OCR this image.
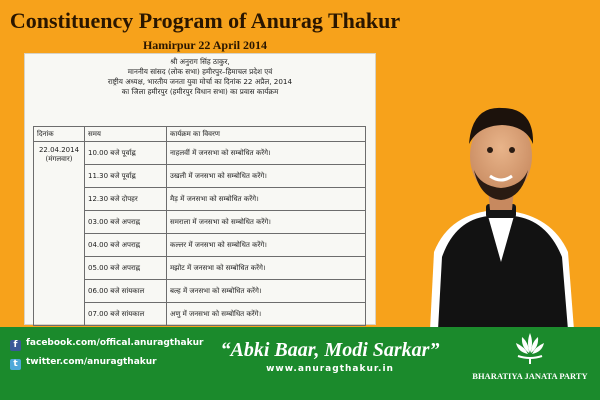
Constituency Program of Anurag Thakur
Hamirpur 22 April 2014
श्री अनुराग सिंह ठाकुर,
माननीय सांसद (लोक सभा) हमीरपुर–हिमाचल प्रदेश एवं
राष्ट्रीय अध्यक्ष, भारतीय जनता युवा मोर्चा का दिनांक 22 अप्रैल, 2014
का जिला हमीरपुर (हमीरपुर विधान सभा) का प्रवास कार्यक्रम
दिनांक	समय	कार्यक्रम का विवरण

22.04.2014
(मंगलवार)	10.00 बजे पूर्वाह्न	नाहलवीं में जनसभा को सम्बोधित करेंगे।
	11.30 बजे पूर्वाह्न	उखली में जनसभा को सम्बोधित करेंगे।
	12.30 बजे दोपहर	मैड़ में जनसभा को सम्बोधित करेंगे।
	03.00 बजे अपराह्न	समराला में जनसभा को सम्बोधित करेंगे।
	04.00 बजे अपराह्न	कल्लर में जनसभा को सम्बोधित करेंगे।
	05.00 बजे अपराह्न	मझोट में जनसभा को सम्बोधित करेंगे।
	06.00 बजे सांयकाल	बल्ह में जनसभा को सम्बोधित करेंगे।
	07.00 बजे सांयकाल	अणु में जनसभा को सम्बोधित करेंगे।
f facebook.com/offical.anuragthakur
t twitter.com/anuragthakur
“Abki Baar, Modi Sarkar”
www.anuragthakur.in
BHARATIYA JANATA PARTY
